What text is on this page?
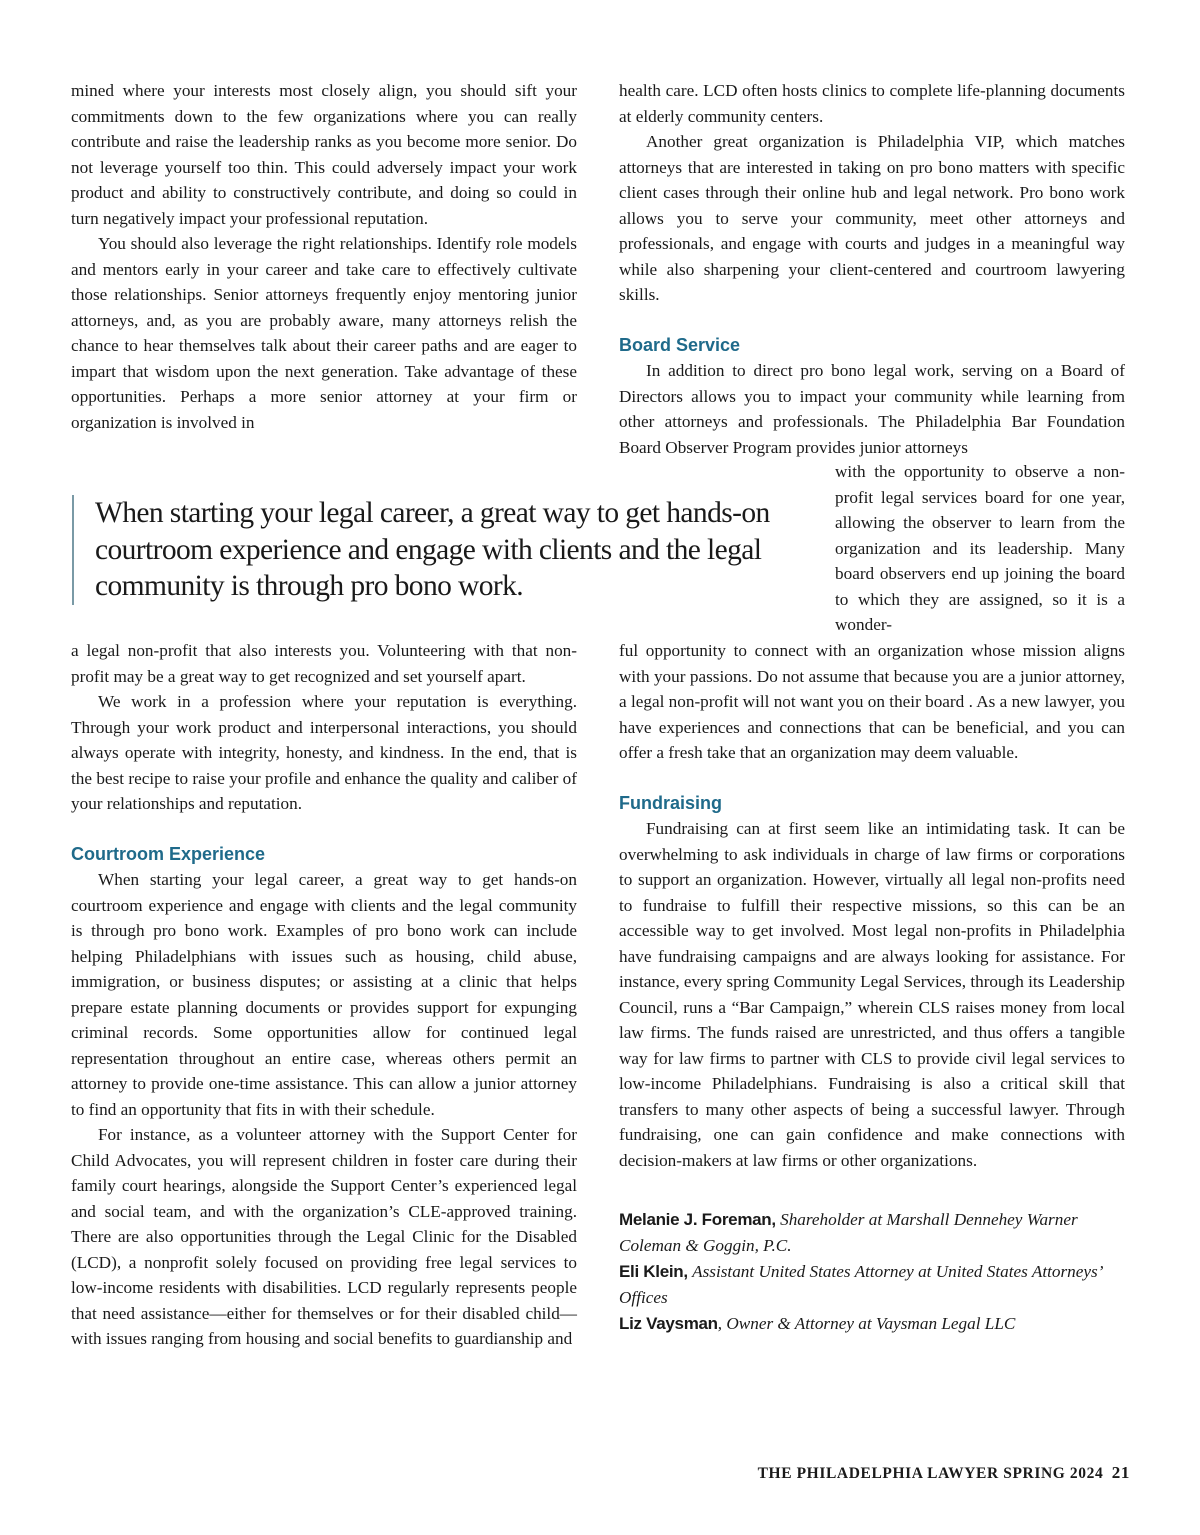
mined where your interests most closely align, you should sift your commitments down to the few organizations where you can really contribute and raise the leadership ranks as you become more senior. Do not leverage yourself too thin. This could adversely impact your work product and ability to constructively contribute, and doing so could in turn negatively impact your professional reputation.

You should also leverage the right relationships. Identify role models and mentors early in your career and take care to effectively cultivate those relationships. Senior attorneys frequently enjoy mentoring junior attorneys, and, as you are probably aware, many attorneys relish the chance to hear themselves talk about their career paths and are eager to impart that wisdom upon the next generation. Take advantage of these opportunities. Perhaps a more senior attorney at your firm or organization is involved in

When starting your legal career, a great way to get hands-on courtroom experience and engage with clients and the legal community is through pro bono work.

a legal non-profit that also interests you. Volunteering with that non-profit may be a great way to get recognized and set yourself apart.

We work in a profession where your reputation is everything. Through your work product and interpersonal interactions, you should always operate with integrity, honesty, and kindness. In the end, that is the best recipe to raise your profile and enhance the quality and caliber of your relationships and reputation.

Courtroom Experience

When starting your legal career, a great way to get hands-on courtroom experience and engage with clients and the legal community is through pro bono work. Examples of pro bono work can include helping Philadelphians with issues such as housing, child abuse, immigration, or business disputes; or assisting at a clinic that helps prepare estate planning documents or provides support for expunging criminal records. Some opportunities allow for continued legal representation throughout an entire case, whereas others permit an attorney to provide one-time assistance. This can allow a junior attorney to find an opportunity that fits in with their schedule.

For instance, as a volunteer attorney with the Support Center for Child Advocates, you will represent children in foster care during their family court hearings, alongside the Support Center’s experienced legal and social team, and with the organization’s CLE-approved training. There are also opportunities through the Legal Clinic for the Disabled (LCD), a nonprofit solely focused on providing free legal services to low-income residents with disabilities. LCD regularly represents people that need assistance—either for themselves or for their disabled child—with issues ranging from housing and social benefits to guardianship and

health care. LCD often hosts clinics to complete life-planning documents at elderly community centers.

Another great organization is Philadelphia VIP, which matches attorneys that are interested in taking on pro bono matters with specific client cases through their online hub and legal network. Pro bono work allows you to serve your community, meet other attorneys and professionals, and engage with courts and judges in a meaningful way while also sharpening your client-centered and courtroom lawyering skills.

Board Service

In addition to direct pro bono legal work, serving on a Board of Directors allows you to impact your community while learning from other attorneys and professionals. The Philadelphia Bar Foundation Board Observer Program provides junior attorneys

with the opportunity to observe a non-profit legal services board for one year, allowing the observer to learn from the organization and its leadership. Many board observers end up joining the board to which they are assigned, so it is a wonder-

ful opportunity to connect with an organization whose mission aligns with your passions. Do not assume that because you are a junior attorney, a legal non-profit will not want you on their board . As a new lawyer, you have experiences and connections that can be beneficial, and you can offer a fresh take that an organization may deem valuable.

Fundraising

Fundraising can at first seem like an intimidating task. It can be overwhelming to ask individuals in charge of law firms or corporations to support an organization. However, virtually all legal non-profits need to fundraise to fulfill their respective missions, so this can be an accessible way to get involved. Most legal non-profits in Philadelphia have fundraising campaigns and are always looking for assistance. For instance, every spring Community Legal Services, through its Leadership Council, runs a “Bar Campaign,” wherein CLS raises money from local law firms. The funds raised are unrestricted, and thus offers a tangible way for law firms to partner with CLS to provide civil legal services to low-income Philadelphians. Fundraising is also a critical skill that transfers to many other aspects of being a successful lawyer. Through fundraising, one can gain confidence and make connections with decision-makers at law firms or other organizations.

Melanie J. Foreman, Shareholder at Marshall Dennehey Warner Coleman & Goggin, P.C.

Eli Klein, Assistant United States Attorney at United States Attorneys’ Offices

Liz Vaysman, Owner & Attorney at Vaysman Legal LLC

THE PHILADELPHIA LAWYER SPRING 2024 21
